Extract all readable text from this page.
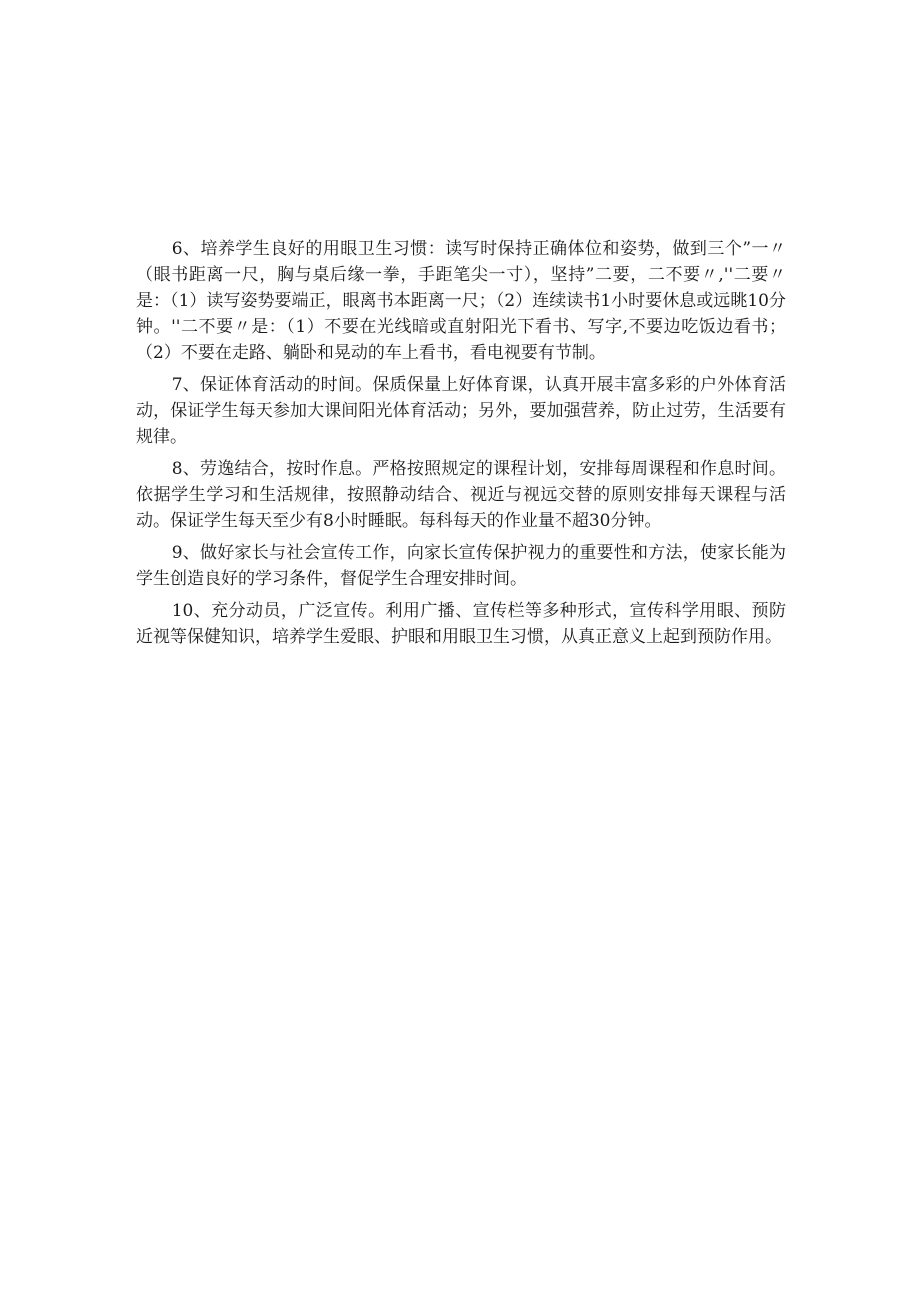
6、培养学生良好的用眼卫生习惯：读写时保持正确体位和姿势，做到三个”一〃（眼书距离一尺，胸与桌后缘一拳，手距笔尖一寸），坚持”二要，二不要〃,''二要〃是：（1）读写姿势要端正，眼离书本距离一尺；（2）连续读书1小时要休息或远眺10分钟。''二不要〃是：（1）不要在光线暗或直射阳光下看书、写字,不要边吃饭边看书；（2）不要在走路、躺卧和晃动的车上看书，看电视要有节制。

7、保证体育活动的时间。保质保量上好体育课，认真开展丰富多彩的户外体育活动，保证学生每天参加大课间阳光体育活动；另外，要加强营养，防止过劳，生活要有规律。

8、劳逸结合，按时作息。严格按照规定的课程计划，安排每周课程和作息时间。依据学生学习和生活规律，按照静动结合、视近与视远交替的原则安排每天课程与活动。保证学生每天至少有8小时睡眠。每科每天的作业量不超30分钟。

9、做好家长与社会宣传工作，向家长宣传保护视力的重要性和方法，使家长能为学生创造良好的学习条件，督促学生合理安排时间。

10、充分动员，广泛宣传。利用广播、宣传栏等多种形式，宣传科学用眼、预防近视等保健知识，培养学生爱眼、护眼和用眼卫生习惯，从真正意义上起到预防作用。
